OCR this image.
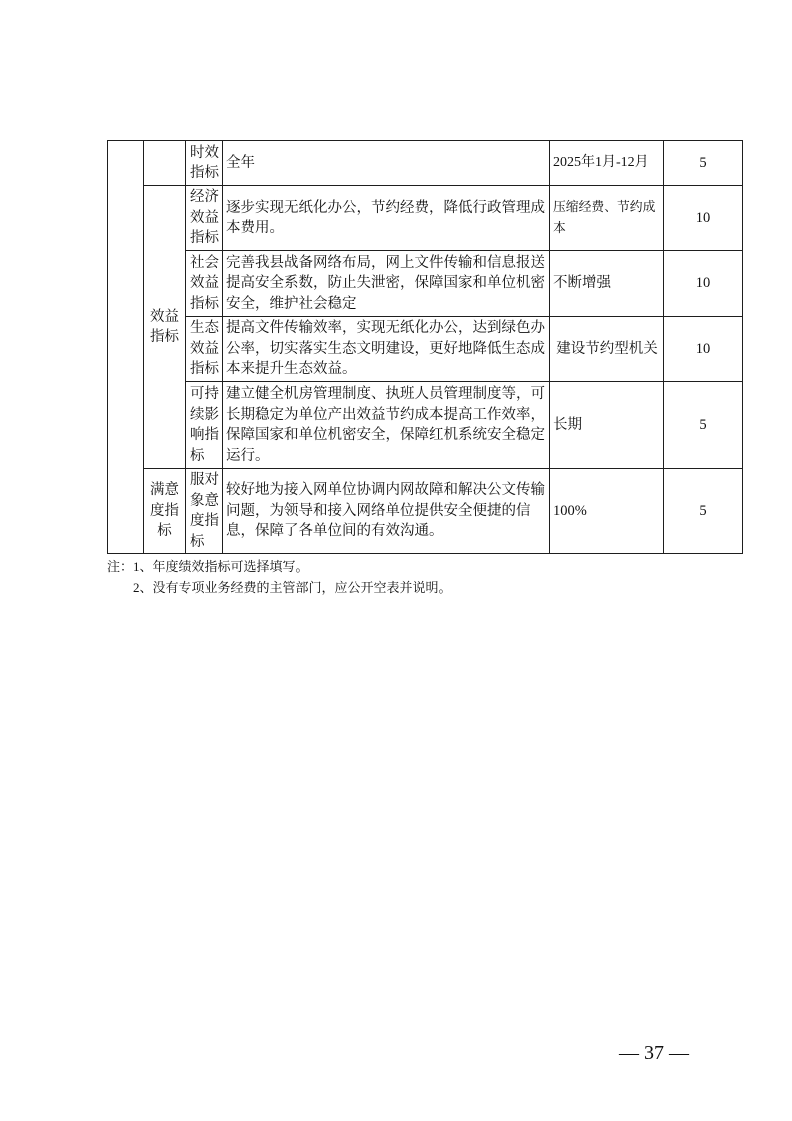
		时效指标	全年	2025年1月-12月	5
	效益指标	经济效益指标	逐步实现无纸化办公，节约经费，降低行政管理成本费用。	压缩经费、节约成本	10
		社会效益指标	完善我县战备网络布局，网上文件传输和信息报送提高安全系数，防止失泄密，保障国家和单位机密安全，维护社会稳定	不断增强	10
		生态效益指标	提高文件传输效率，实现无纸化办公，达到绿色办公率，切实落实生态文明建设，更好地降低生态成本来提升生态效益。	建设节约型机关	10
		可持续影响指标	建立健全机房管理制度、执班人员管理制度等，可长期稳定为单位产出效益节约成本提高工作效率，保障国家和单位机密安全，保障红机系统安全稳定运行。	长期	5
	满意度指标	服对象意度指标	较好地为接入网单位协调内网故障和解决公文传输问题，为领导和接入网络单位提供安全便捷的信息，保障了各单位间的有效沟通。	100%	5
注：1、年度绩效指标可选择填写。
2、没有专项业务经费的主管部门，应公开空表并说明。
— 37 —
